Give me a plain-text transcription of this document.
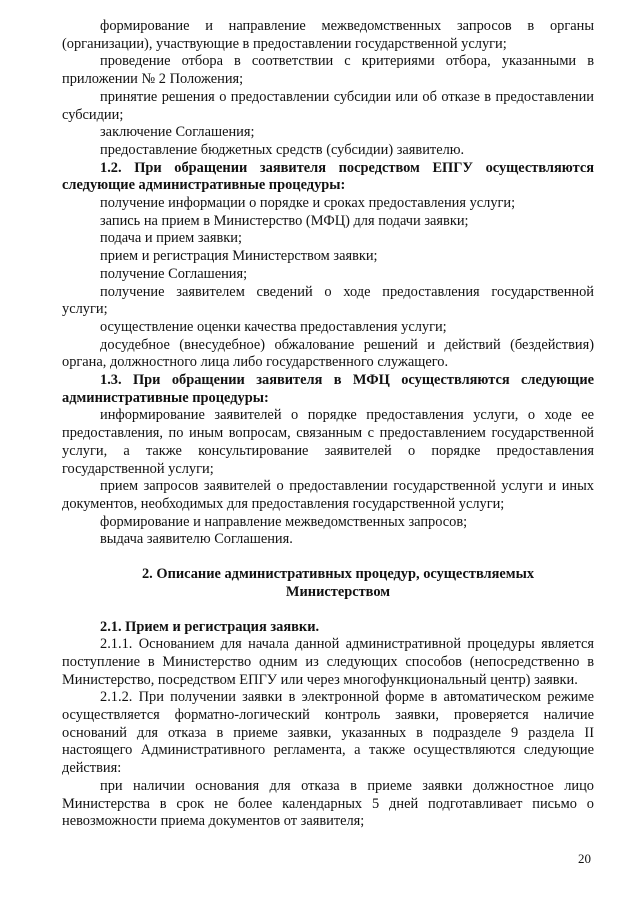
формирование и направление межведомственных запросов в органы (организации), участвующие в предоставлении государственной услуги;

проведение отбора в соответствии с критериями отбора, указанными в приложении № 2 Положения;

принятие решения о предоставлении субсидии или об отказе в предоставлении субсидии;

заключение Соглашения;

предоставление бюджетных средств (субсидии) заявителю.

1.2. При обращении заявителя посредством ЕПГУ осуществляются следующие административные процедуры:

получение информации о порядке и сроках предоставления услуги;

запись на прием в Министерство (МФЦ) для подачи заявки;

подача и прием заявки;

прием и регистрация Министерством заявки;

получение Соглашения;

получение заявителем сведений о ходе предоставления государственной услуги;

осуществление оценки качества предоставления услуги;

досудебное (внесудебное) обжалование решений и действий (бездействия) органа, должностного лица либо государственного служащего.

1.3. При обращении заявителя в МФЦ осуществляются следующие административные процедуры:

информирование заявителей о порядке предоставления услуги, о ходе ее предоставления, по иным вопросам, связанным с предоставлением государственной услуги, а также консультирование заявителей о порядке предоставления государственной услуги;

прием запросов заявителей о предоставлении государственной услуги и иных документов, необходимых для предоставления государственной услуги;

формирование и направление межведомственных запросов;

выдача заявителю Соглашения.

2. Описание административных процедур, осуществляемых
Министерством

2.1. Прием и регистрация заявки.

2.1.1. Основанием для начала данной административной процедуры является поступление в Министерство одним из следующих способов (непосредственно в Министерство, посредством ЕПГУ или через многофункциональный центр) заявки.

2.1.2. При получении заявки в электронной форме в автоматическом режиме осуществляется форматно-логический контроль заявки, проверяется наличие оснований для отказа в приеме заявки, указанных в подразделе 9 раздела II настоящего Административного регламента, а также осуществляются следующие действия:

при наличии основания для отказа в приеме заявки должностное лицо Министерства в срок не более календарных 5 дней подготавливает письмо о невозможности приема документов от заявителя;

20
